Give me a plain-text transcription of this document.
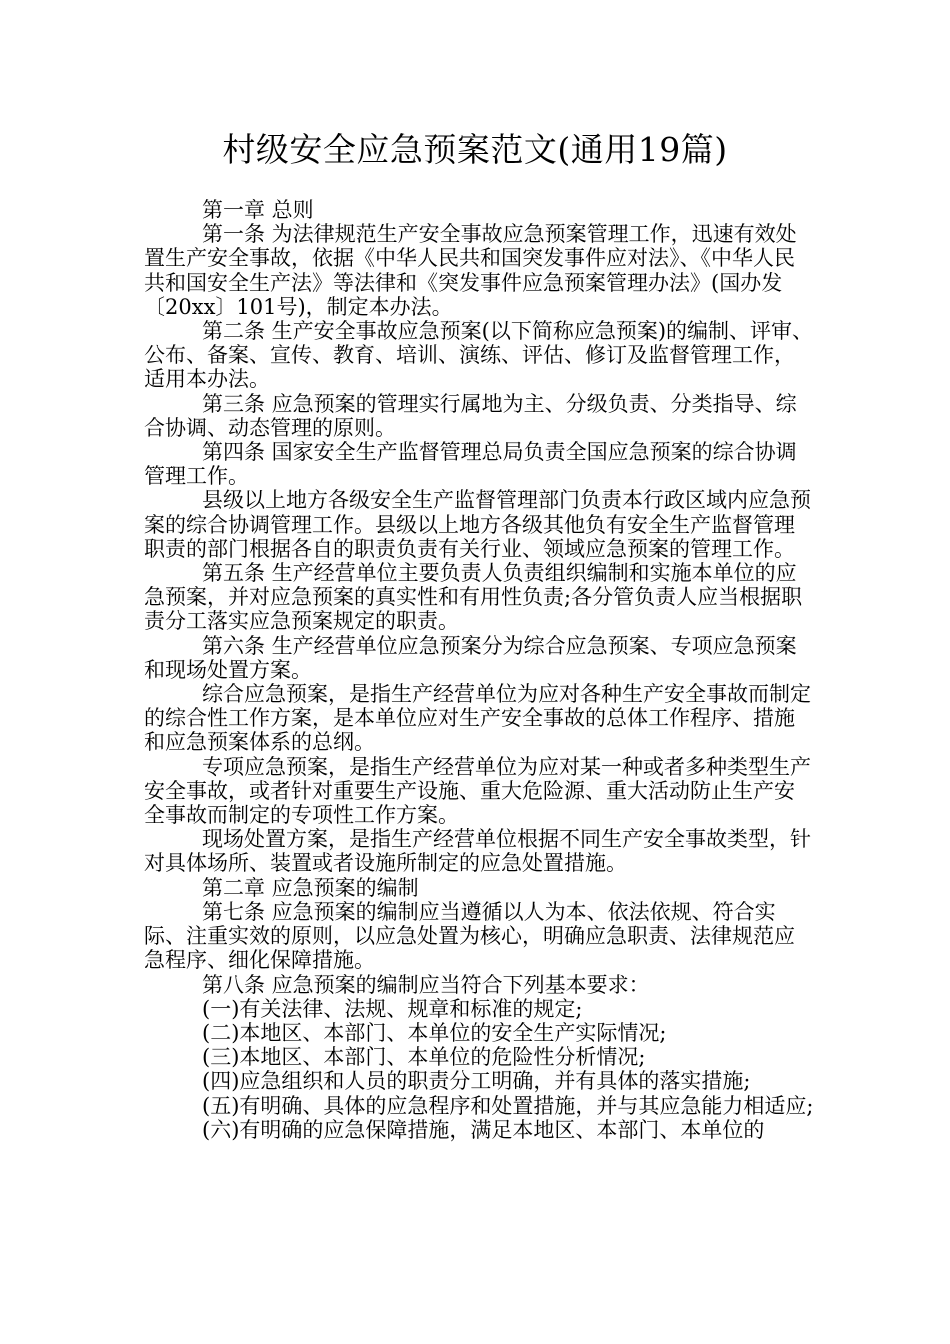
村级安全应急预案范文(通用19篇)

第一章 总则

第一条 为法律规范生产安全事故应急预案管理工作，迅速有效处置生产安全事故，依据《中华人民共和国突发事件应对法》、《中华人民共和国安全生产法》等法律和《突发事件应急预案管理办法》(国办发〔20xx〕101号)，制定本办法。

第二条 生产安全事故应急预案(以下简称应急预案)的编制、评审、公布、备案、宣传、教育、培训、演练、评估、修订及监督管理工作，适用本办法。

第三条 应急预案的管理实行属地为主、分级负责、分类指导、综合协调、动态管理的原则。

第四条 国家安全生产监督管理总局负责全国应急预案的综合协调管理工作。

县级以上地方各级安全生产监督管理部门负责本行政区域内应急预案的综合协调管理工作。县级以上地方各级其他负有安全生产监督管理职责的部门根据各自的职责负责有关行业、领域应急预案的管理工作。

第五条 生产经营单位主要负责人负责组织编制和实施本单位的应急预案，并对应急预案的真实性和有用性负责;各分管负责人应当根据职责分工落实应急预案规定的职责。

第六条 生产经营单位应急预案分为综合应急预案、专项应急预案和现场处置方案。

综合应急预案，是指生产经营单位为应对各种生产安全事故而制定的综合性工作方案，是本单位应对生产安全事故的总体工作程序、措施和应急预案体系的总纲。

专项应急预案，是指生产经营单位为应对某一种或者多种类型生产安全事故，或者针对重要生产设施、重大危险源、重大活动防止生产安全事故而制定的专项性工作方案。

现场处置方案，是指生产经营单位根据不同生产安全事故类型，针对具体场所、装置或者设施所制定的应急处置措施。

第二章 应急预案的编制

第七条 应急预案的编制应当遵循以人为本、依法依规、符合实际、注重实效的原则，以应急处置为核心，明确应急职责、法律规范应急程序、细化保障措施。

第八条 应急预案的编制应当符合下列基本要求：

(一)有关法律、法规、规章和标准的规定;

(二)本地区、本部门、本单位的安全生产实际情况;

(三)本地区、本部门、本单位的危险性分析情况;

(四)应急组织和人员的职责分工明确，并有具体的落实措施;

(五)有明确、具体的应急程序和处置措施，并与其应急能力相适应;

(六)有明确的应急保障措施，满足本地区、本部门、本单位的
